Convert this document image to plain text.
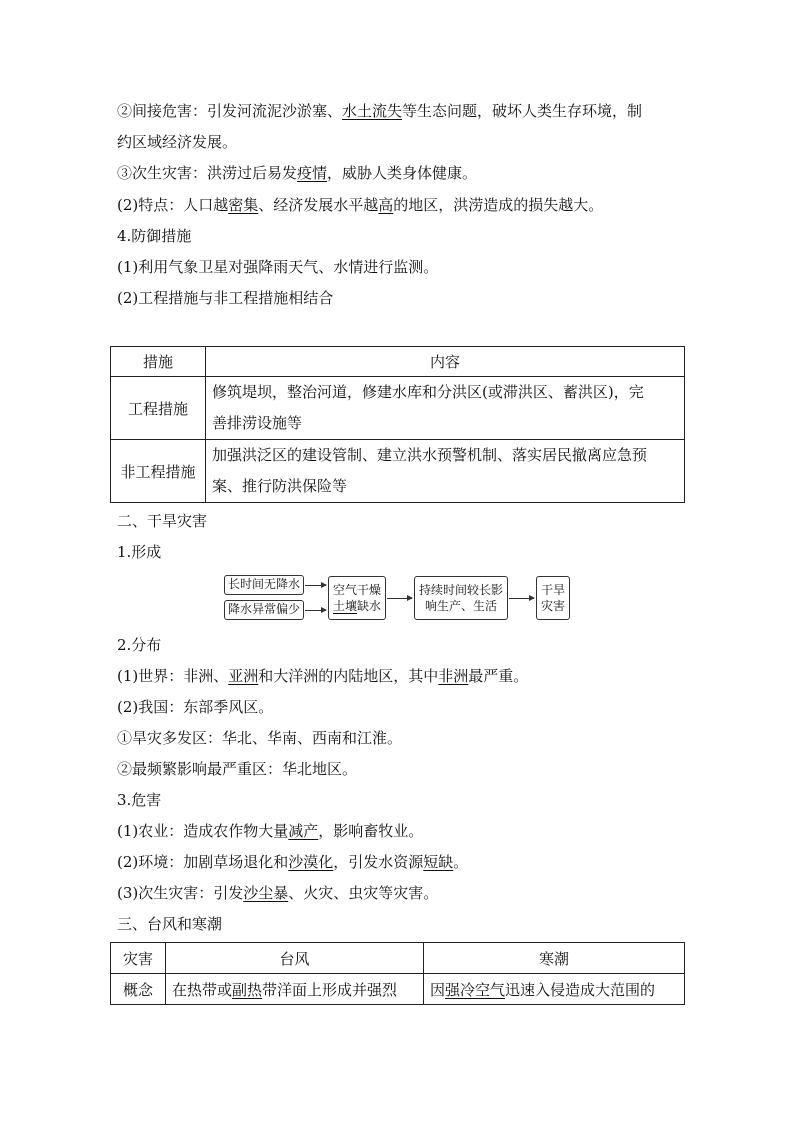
②间接危害：引发河流泥沙淤塞、水土流失等生态问题，破坏人类生存环境，制
约区域经济发展。
③次生灾害：洪涝过后易发疫情，威胁人类身体健康。
(2)特点：人口越密集、经济发展水平越高的地区，洪涝造成的损失越大。
4.防御措施
(1)利用气象卫星对强降雨天气、水情进行监测。
(2)工程措施与非工程措施相结合
措施	内容
工程措施	修筑堤坝，整治河道，修建水库和分洪区(或滞洪区、蓄洪区)，完
善排涝设施等

非工程措施	加强洪泛区的建设管制、建立洪水预警机制、落实居民撤离应急预
案、推行防洪保险等
二、干旱灾害
1.形成
长时间无降水
降水异常偏少
空气干燥
土壤缺水
持续时间较长影
响生产、生活
干旱
灾害
2.分布
(1)世界：非洲、亚洲和大洋洲的内陆地区，其中非洲最严重。
(2)我国：东部季风区。
①旱灾多发区：华北、华南、西南和江淮。
②最频繁影响最严重区：华北地区。
3.危害
(1)农业：造成农作物大量减产，影响畜牧业。
(2)环境：加剧草场退化和沙漠化，引发水资源短缺。
(3)次生灾害：引发沙尘暴、火灾、虫灾等灾害。
三、台风和寒潮
灾害	台风	寒潮
概念	在热带或副热带洋面上形成并强烈	因强冷空气迅速入侵造成大范围的
